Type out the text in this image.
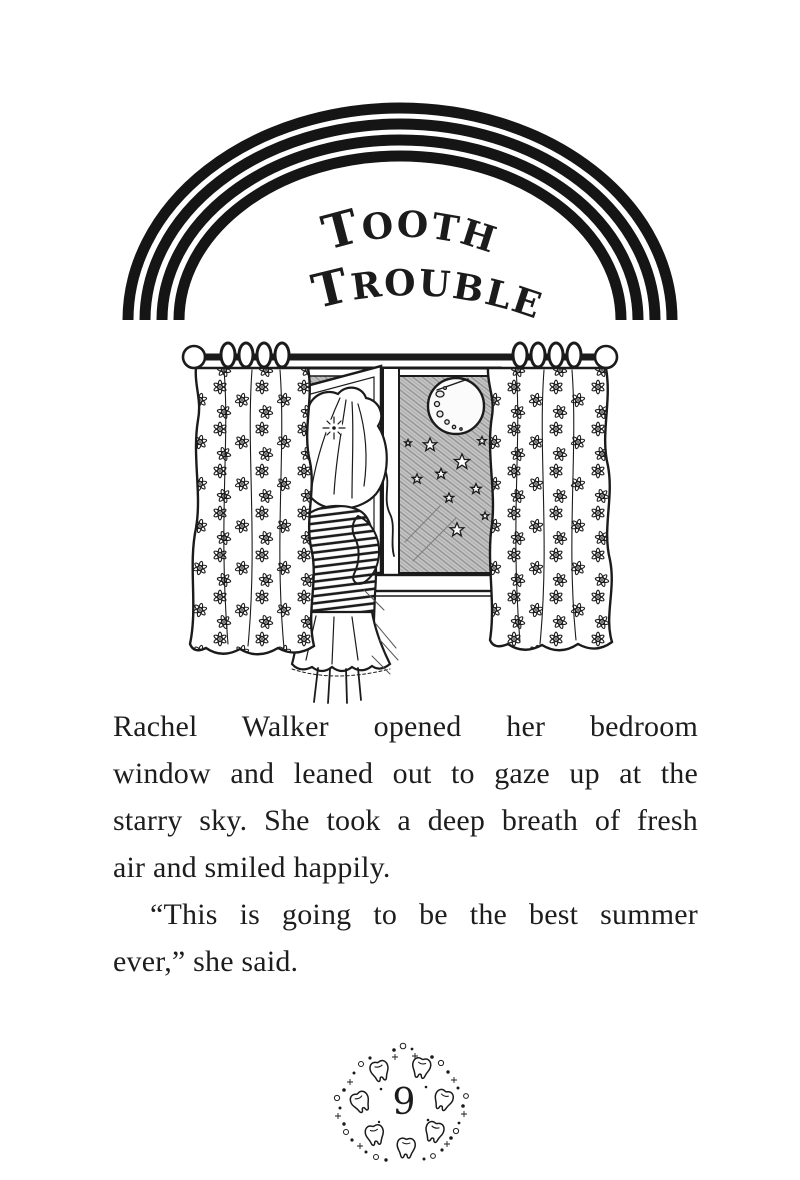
TOOTH
TROUBLE
Rachel Walker opened her bedroom
window and leaned out to gaze up at the
starry sky. She took a deep breath of fresh
air and smiled happily.
“This is going to be the best summer
ever,” she said.
9
